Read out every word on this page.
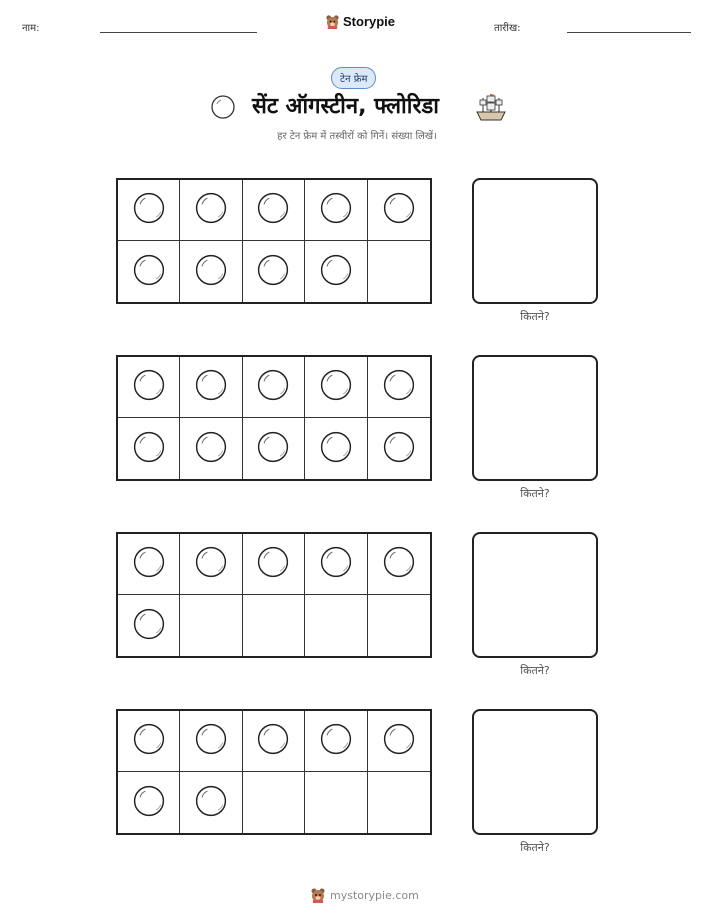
नाम:	Storypie	तारीख:
टेन फ्रेम
सेंट ऑगस्टीन, फ्लोरिडा
हर टेन फ्रेम में तस्वीरों को गिनें। संख्या लिखें।
कितने?
कितने?
कितने?
कितने?
mystorypie.com
